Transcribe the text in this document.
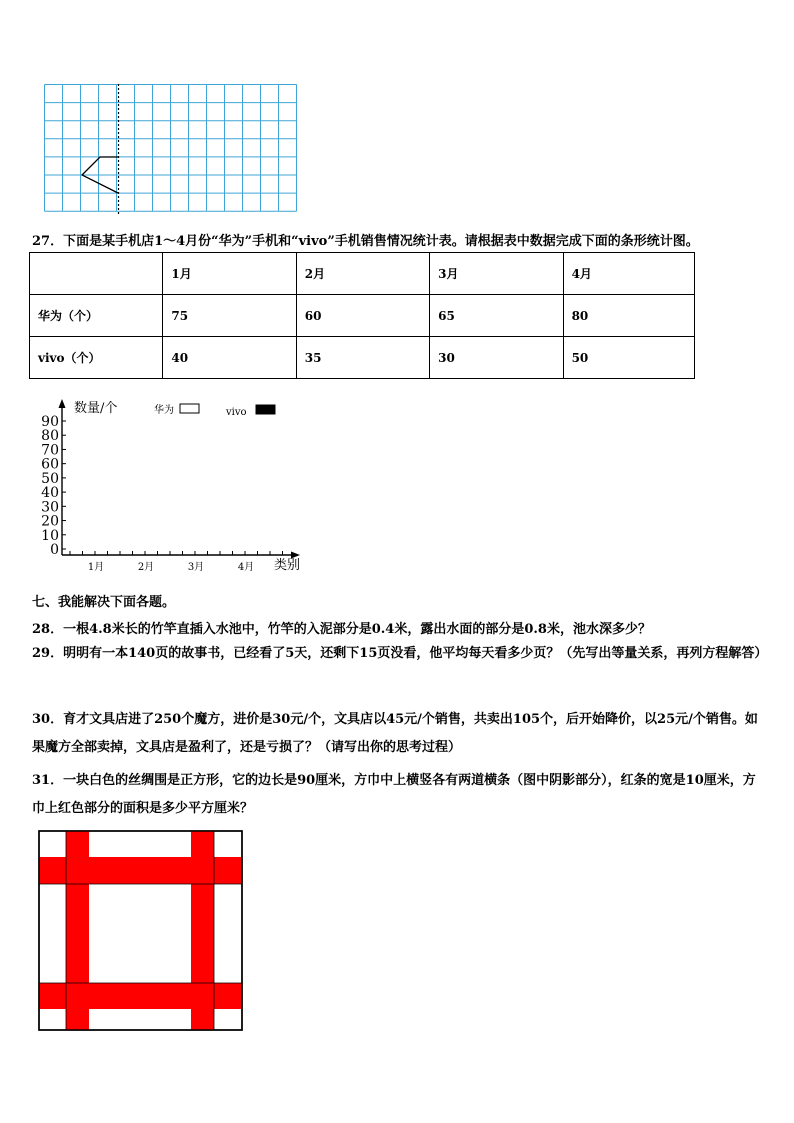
27．下面是某手机店1～4月份“华为”手机和“vivo”手机销售情况统计表。请根据表中数据完成下面的条形统计图。
	1月	2月	3月	4月
华为（个）	75	60	65	80
vivo（个）	40	35	30	50
数量/个
类别
0
10
20
30
40
50
60
70
80
90
1月	2月	3月	4月
华为	vivo
七、我能解决下面各题。
28．一根4.8米长的竹竿直插入水池中，竹竿的入泥部分是0.4米，露出水面的部分是0.8米，池水深多少？
29．明明有一本140页的故事书，已经看了5天，还剩下15页没看，他平均每天看多少页？（先写出等量关系，再列方程解答）
30．育才文具店进了250个魔方，进价是30元/个，文具店以45元/个销售，共卖出105个，后开始降价，以25元/个销售。如果魔方全部卖掉，文具店是盈利了，还是亏损了？（请写出你的思考过程）
31．一块白色的丝绸围是正方形，它的边长是90厘米，方巾中上横竖各有两道横条（图中阴影部分），红条的宽是10厘米，方巾上红色部分的面积是多少平方厘米？
